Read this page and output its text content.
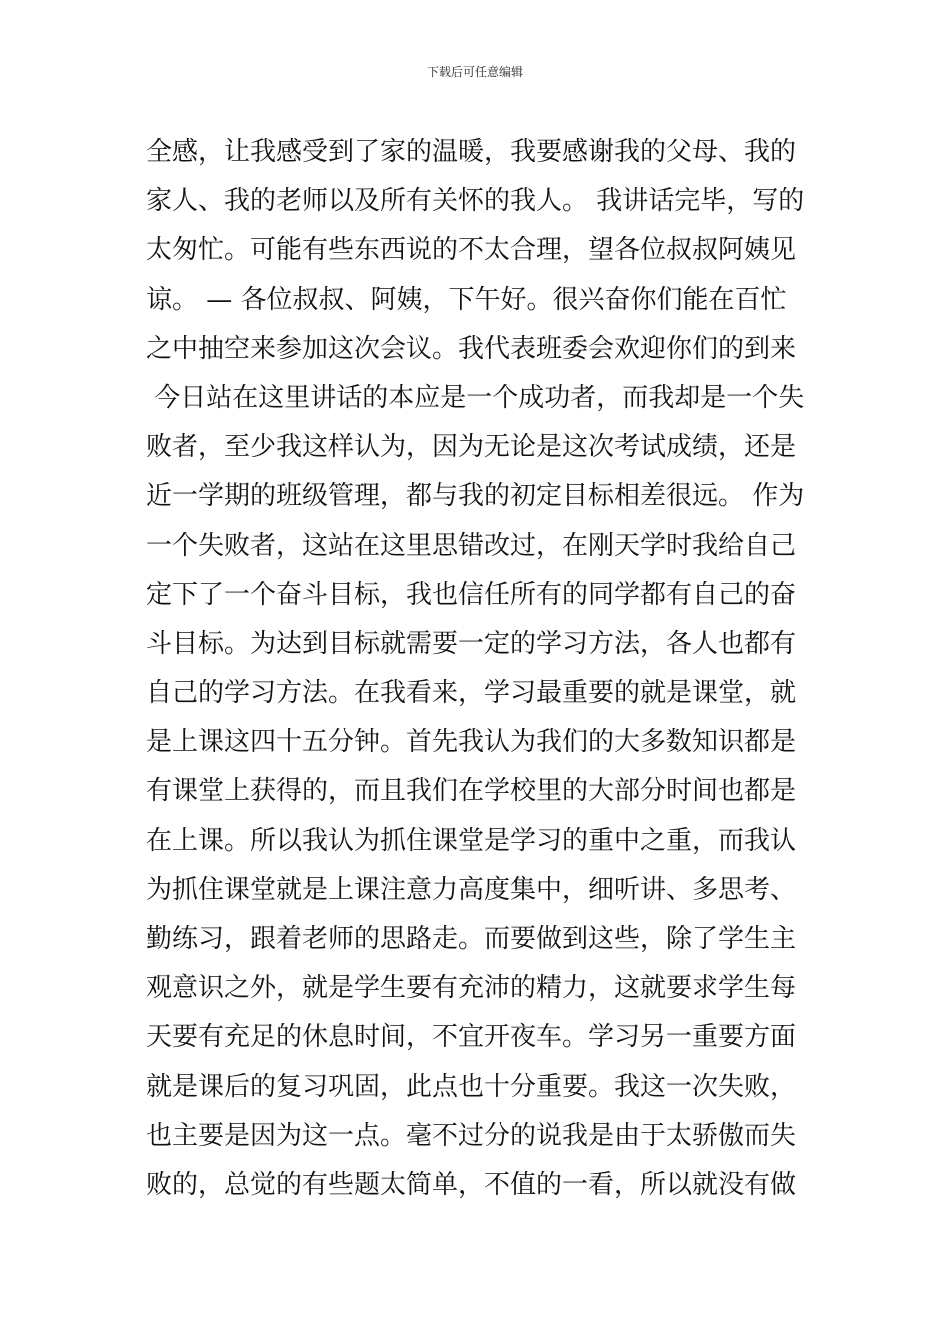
下载后可任意编辑
全感，让我感受到了家的温暖，我要感谢我的父母、我的
家人、我的老师以及所有关怀的我人。 我讲话完毕，写的
太匆忙。可能有些东西说的不太合理，望各位叔叔阿姨见
谅。 — 各位叔叔、阿姨，下午好。很兴奋你们能在百忙
之中抽空来参加这次会议。我代表班委会欢迎你们的到来
今日站在这里讲话的本应是一个成功者，而我却是一个失
败者，至少我这样认为，因为无论是这次考试成绩，还是
近一学期的班级管理，都与我的初定目标相差很远。 作为
一个失败者，这站在这里思错改过，在刚天学时我给自己
定下了一个奋斗目标，我也信任所有的同学都有自己的奋
斗目标。为达到目标就需要一定的学习方法，各人也都有
自己的学习方法。在我看来，学习最重要的就是课堂，就
是上课这四十五分钟。首先我认为我们的大多数知识都是
有课堂上获得的，而且我们在学校里的大部分时间也都是
在上课。所以我认为抓住课堂是学习的重中之重，而我认
为抓住课堂就是上课注意力高度集中，细听讲、多思考、
勤练习，跟着老师的思路走。而要做到这些，除了学生主
观意识之外，就是学生要有充沛的精力，这就要求学生每
天要有充足的休息时间，不宜开夜车。学习另一重要方面
就是课后的复习巩固，此点也十分重要。我这一次失败，
也主要是因为这一点。毫不过分的说我是由于太骄傲而失
败的，总觉的有些题太简单，不值的一看，所以就没有做
